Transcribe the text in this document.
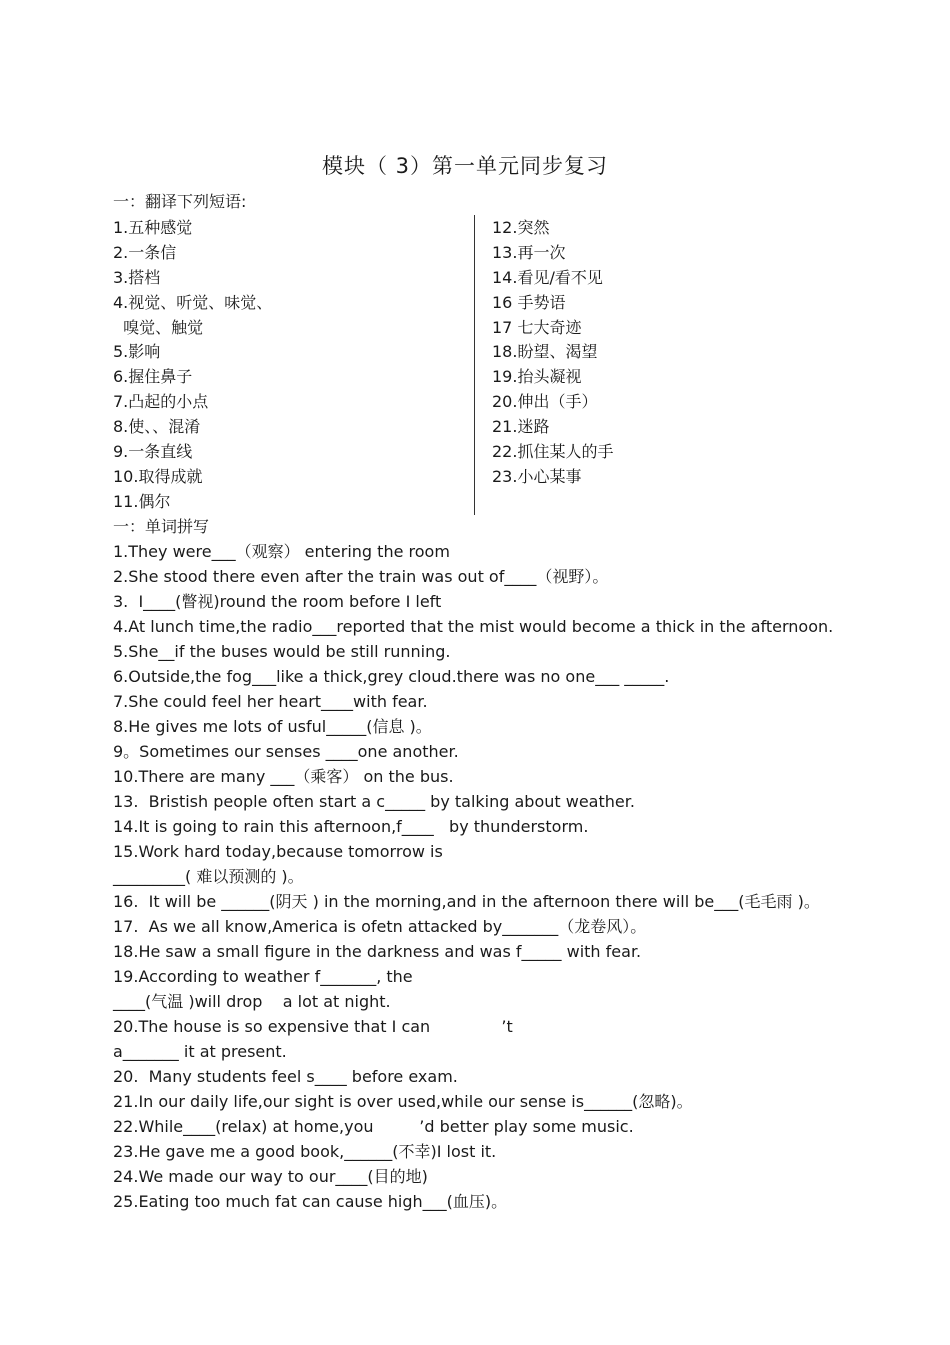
模块（ 3）第一单元同步复习
一：翻译下列短语:
1.五种感觉
2.一条信
3.搭档
4.视觉、听觉、味觉、
嗅觉、触觉
5.影响
6.握住鼻子
7.凸起的小点
8.使、、混淆
9.一条直线
10.取得成就
11.偶尔
12.突然
13.再一次
14.看见/看不见
16 手势语
17 七大奇迹
18.盼望、渴望
19.抬头凝视
20.伸出（手）
21.迷路
22.抓住某人的手
23.小心某事
一：单词拼写
1.They were___（观察） entering the room
2.She stood there even after the train was out of____（视野）。
3.  I____(瞥视)round the room before I left
4.At lunch time,the radio___reported that the mist would become a thick in the afternoon.
5.She__if the buses would be still running.
6.Outside,the fog___like a thick,grey cloud.there was no one___ _____.
7.She could feel her heart____with fear.
8.He gives me lots of usful_____(信息 )。
9。Sometimes our senses ____one another.
10.There are many ___（乘客） on the bus.
13.  Bristish people often start a c_____ by talking about weather.
14.It is going to rain this afternoon,f____   by thunderstorm.
15.Work hard today,because tomorrow is
_________( 难以预测的 )。
16.  It will be ______(阴天 ) in the morning,and in the afternoon there will be___(毛毛雨 )。
17.  As we all know,America is ofetn attacked by_______（龙卷风）。
18.He saw a small figure in the darkness and was f_____ with fear.
19.According to weather f_______, the
____(气温 )will drop    a lot at night.
20.The house is so expensive that I can              ’t
a_______ it at present.
20.  Many students feel s____ before exam.
21.In our daily life,our sight is over used,while our sense is______(忽略)。
22.While____(relax) at home,you         ’d better play some music.
23.He gave me a good book,______(不幸)I lost it.
24.We made our way to our____(目的地)
25.Eating too much fat can cause high___(血压)。
